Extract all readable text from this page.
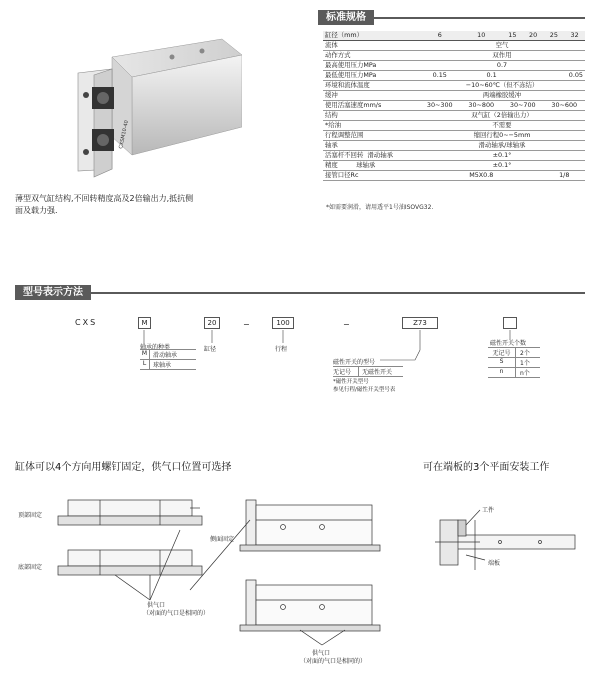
CXSM10-40
薄型双气缸结构,不回转精度高及2倍输出力,抵抗侧面及载力强.
标准规格
缸径（mm）	6	10	15	20	25	32
流体	空气					
动作方式	双作用					
最高使用压力MPa	0.7					
最低使用压力MPa	0.15	0.1		0.05		
环境和流体温度	−10~60℃（但不冻结）					
缓冲	两端橡胶缓冲					
使用活塞速度mm/s	30~300	30~800	30~700		30~600	
结构	双气缸（2倍输出力）					
*给油	不需要					
行程调整范围	缩回行程0~−5mm					
轴承	滑动轴承/球轴承					
活塞杆不回转 滑动轴承	±0.1°					
精度 球轴承	±0.1°					
接管口径Rc	M5X0.8				1/8	
*如需要润滑，请用透平1号油ISOVG32.
型号表示方法
CXS	M	20	−	100	−	Z73
轴承的种类
M 滑动轴承
L	球轴承
缸径	行程
磁性开关的型号
无记号	无磁性开关
*磁性开关型号
参见行程/磁性开关型号表
磁性开关个数
无记号	2个
S	1个
n	n个
缸体可以4个方向用螺钉固定，供气口位置可选择	可在端板的3个平面安装工作
顶部固定
底部固定
侧面固定
供气口
（对面的气口是相同的）
供气口
（对面的气口是相同的）
工件
端板
